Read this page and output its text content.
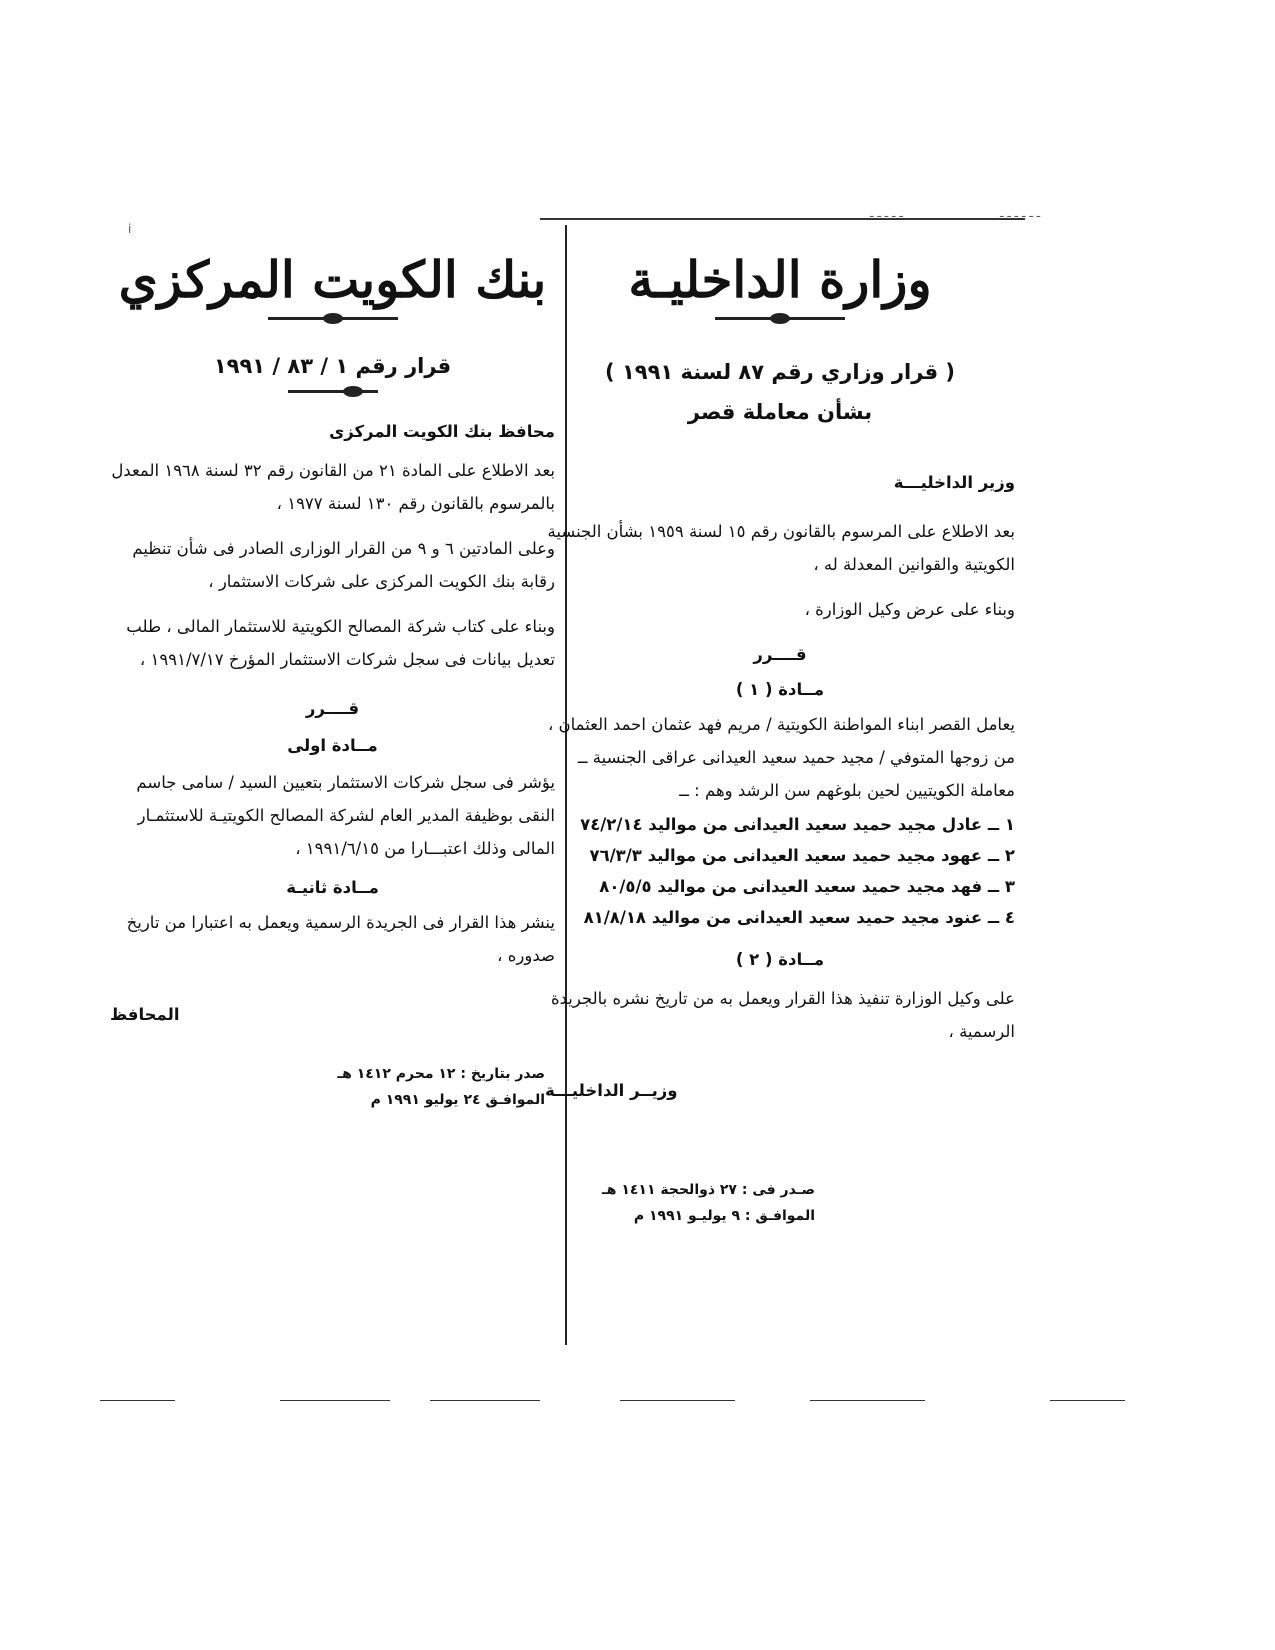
i
ـ ـ ـ ـ ـ	ـ ـ ـ ـ ـ ـ
وزارة الداخليـة
( قرار وزاري رقم ٨٧ لسنة ١٩٩١ )
بشأن معاملة قصر
وزير الداخليـــة

بعد الاطلاع على المرسوم بالقانون رقم ١٥ لسنة ١٩٥٩ بشأن الجنسية الكويتية والقوانين المعدلة له ،

وبناء على عرض وكيل الوزارة ،

قــــرر
مــادة ( ١ )

يعامل القصر ابناء المواطنة الكويتية / مريم فهد عثمان احمد العثمان ، من زوجها المتوفي / مجيد حميد سعيد العيدانى عراقى الجنسية ــ معاملة الكويتيين لحين بلوغهم سن الرشد وهم : ــ

١ ــ عادل مجيد حميد سعيد العيدانى من مواليد ٧٤/٢/١٤
٢ ــ عهود مجيد حميد سعيد العيدانى من مواليد ٧٦/٣/٣
٣ ــ فهد مجيد حميد سعيد العيدانى من مواليد ٨٠/٥/٥
٤ ــ عنود مجيد حميد سعيد العيدانى من مواليد ٨١/٨/١٨
مــادة ( ٢ )

على وكيل الوزارة تنفيذ هذا القرار ويعمل به من تاريخ نشره بالجريدة الرسمية ،

وزيــر الداخليـــة
صـدر فى : ٢٧ ذوالحجة ١٤١١ هـ
الموافـق : ٩ يوليـو ١٩٩١ م
بنك الكويت المركزي
قرار رقم ١ / ٨٣ / ١٩٩١
محافظ بنك الكويت المركزى

بعد الاطلاع على المادة ٢١ من القانون رقم ٣٢ لسنة ١٩٦٨ المعدل بالمرسوم بالقانون رقم ١٣٠ لسنة ١٩٧٧ ،

وعلى المادتين ٦ و ٩ من القرار الوزارى الصادر فى شأن تنظيم رقابة بنك الكويت المركزى على شركات الاستثمار ،

وبناء على كتاب شركة المصالح الكويتية للاستثمار المالى ، طلب تعديل بيانات فى سجل شركات الاستثمار المؤرخ ١٩٩١/٧/١٧ ،

قــــرر
مــادة اولى

يؤشر فى سجل شركات الاستثمار بتعيين السيد / سامى جاسم النقى بوظيفة المدير العام لشركة المصالح الكويتيـة للاستثمـار المالى وذلك اعتبـــارا من ١٩٩١/٦/١٥ ،

مــادة ثانيـة

ينشر هذا القرار فى الجريدة الرسمية ويعمل به اعتبارا من تاريخ صدوره ،

المحافظ
صدر بتاريخ : ١٢ محرم ١٤١٢ هـ
الموافـق ٢٤ يوليو ١٩٩١ م
